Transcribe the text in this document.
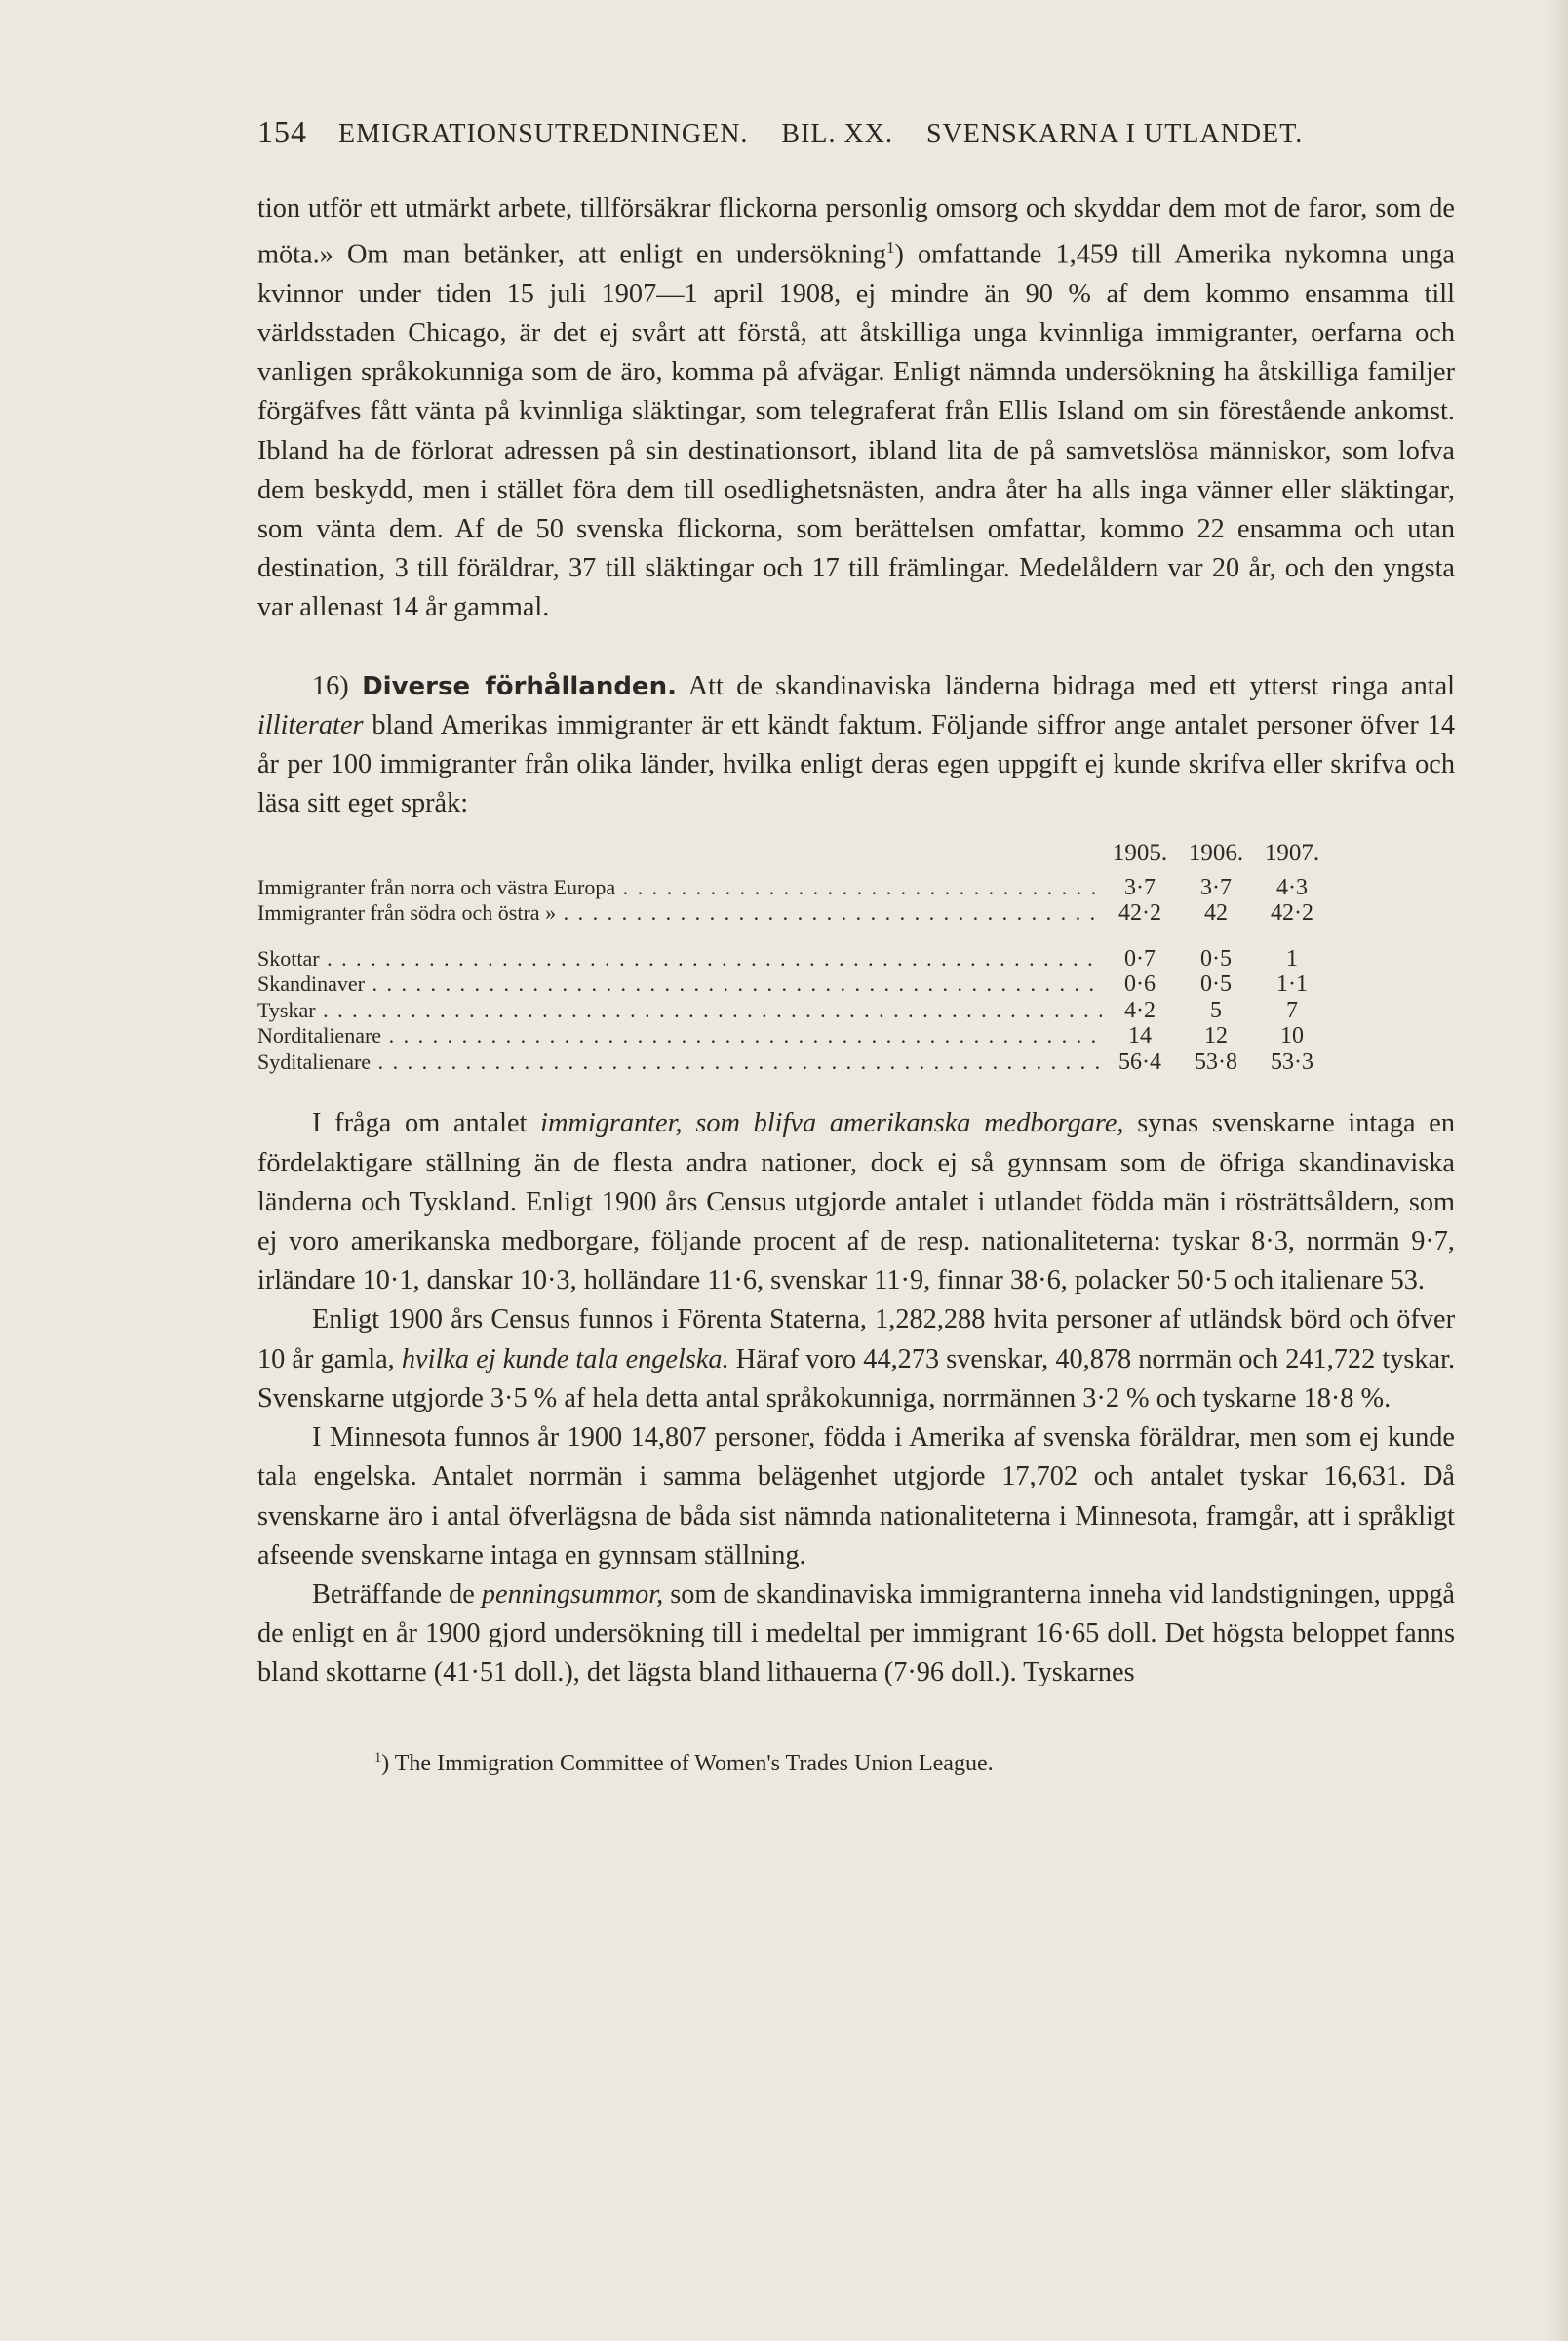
154 EMIGRATIONSUTREDNINGEN. BIL. XX. SVENSKARNA I UTLANDET.

tion utför ett utmärkt arbete, tillförsäkrar flickorna personlig omsorg och skyddar dem mot de faror, som de möta.» Om man betänker, att enligt en undersökning$^1$) omfattande 1,459 till Amerika nykomna unga kvinnor under tiden 15 juli 1907—1 april 1908, ej mindre än 90 % af dem kommo ensamma till världsstaden Chicago, är det ej svårt att förstå, att åtskilliga unga kvinnliga immigranter, oerfarna och vanligen språkokunniga som de äro, komma på afvägar. Enligt nämnda undersökning ha åtskilliga familjer förgäfves fått vänta på kvinnliga släktingar, som telegraferat från Ellis Island om sin förestående ankomst. Ibland ha de förlorat adressen på sin destinationsort, ibland lita de på samvetslösa människor, som lofva dem beskydd, men i stället föra dem till osedlighetsnästen, andra åter ha alls inga vänner eller släktingar, som vänta dem. Af de 50 svenska flickorna, som berättelsen omfattar, kommo 22 ensamma och utan destination, 3 till föräldrar, 37 till släktingar och 17 till främlingar. Medelåldern var 20 år, och den yngsta var allenast 14 år gammal.

16) Diverse förhållanden. Att de skandinaviska länderna bidraga med ett ytterst ringa antal illiterater bland Amerikas immigranter är ett kändt faktum. Följande siffror ange antalet personer öfver 14 år per 100 immigranter från olika länder, hvilka enligt deras egen uppgift ej kunde skrifva eller skrifva och läsa sitt eget språk:

1905. 1906. 1907.
Immigranter från norra och västra Europa . . .	3·7	3·7	4·3
Immigranter från södra och östra » . . .	42·2	42	42·2
Skottar . . .	0·7	0·5	1
Skandinaver . . .	0·6	0·5	1·1
Tyskar . . .	4·2	5	7
Norditalienare . . .	14	12	10
Syditalienare . . .	56·4	53·8	53·3

I fråga om antalet immigranter, som blifva amerikanska medborgare, synas svenskarne intaga en fördelaktigare ställning än de flesta andra nationer, dock ej så gynnsam som de öfriga skandinaviska länderna och Tyskland. Enligt 1900 års Census utgjorde antalet i utlandet födda män i rösträttsåldern, som ej voro amerikanska medborgare, följande procent af de resp. nationaliteterna: tyskar 8·3, norrmän 9·7, irländare 10·1, danskar 10·3, holländare 11·6, svenskar 11·9, finnar 38·6, polacker 50·5 och italienare 53.

Enligt 1900 års Census funnos i Förenta Staterna, 1,282,288 hvita personer af utländsk börd och öfver 10 år gamla, hvilka ej kunde tala engelska. Häraf voro 44,273 svenskar, 40,878 norrmän och 241,722 tyskar. Svenskarne utgjorde 3·5 % af hela detta antal språkokunniga, norrmännen 3·2 % och tyskarne 18·8 %.

I Minnesota funnos år 1900 14,807 personer, födda i Amerika af svenska föräldrar, men som ej kunde tala engelska. Antalet norrmän i samma belägenhet utgjorde 17,702 och antalet tyskar 16,631. Då svenskarne äro i antal öfverlägsna de båda sist nämnda nationaliteterna i Minnesota, framgår, att i språkligt afseende svenskarne intaga en gynnsam ställning.

Beträffande de penningsummor, som de skandinaviska immigranterna inneha vid landstigningen, uppgå de enligt en år 1900 gjord undersökning till i medeltal per immigrant 16·65 doll. Det högsta beloppet fanns bland skottarne (41·51 doll.), det lägsta bland lithauerna (7·96 doll.). Tyskarnes

$^1$) The Immigration Committee of Women's Trades Union League.
